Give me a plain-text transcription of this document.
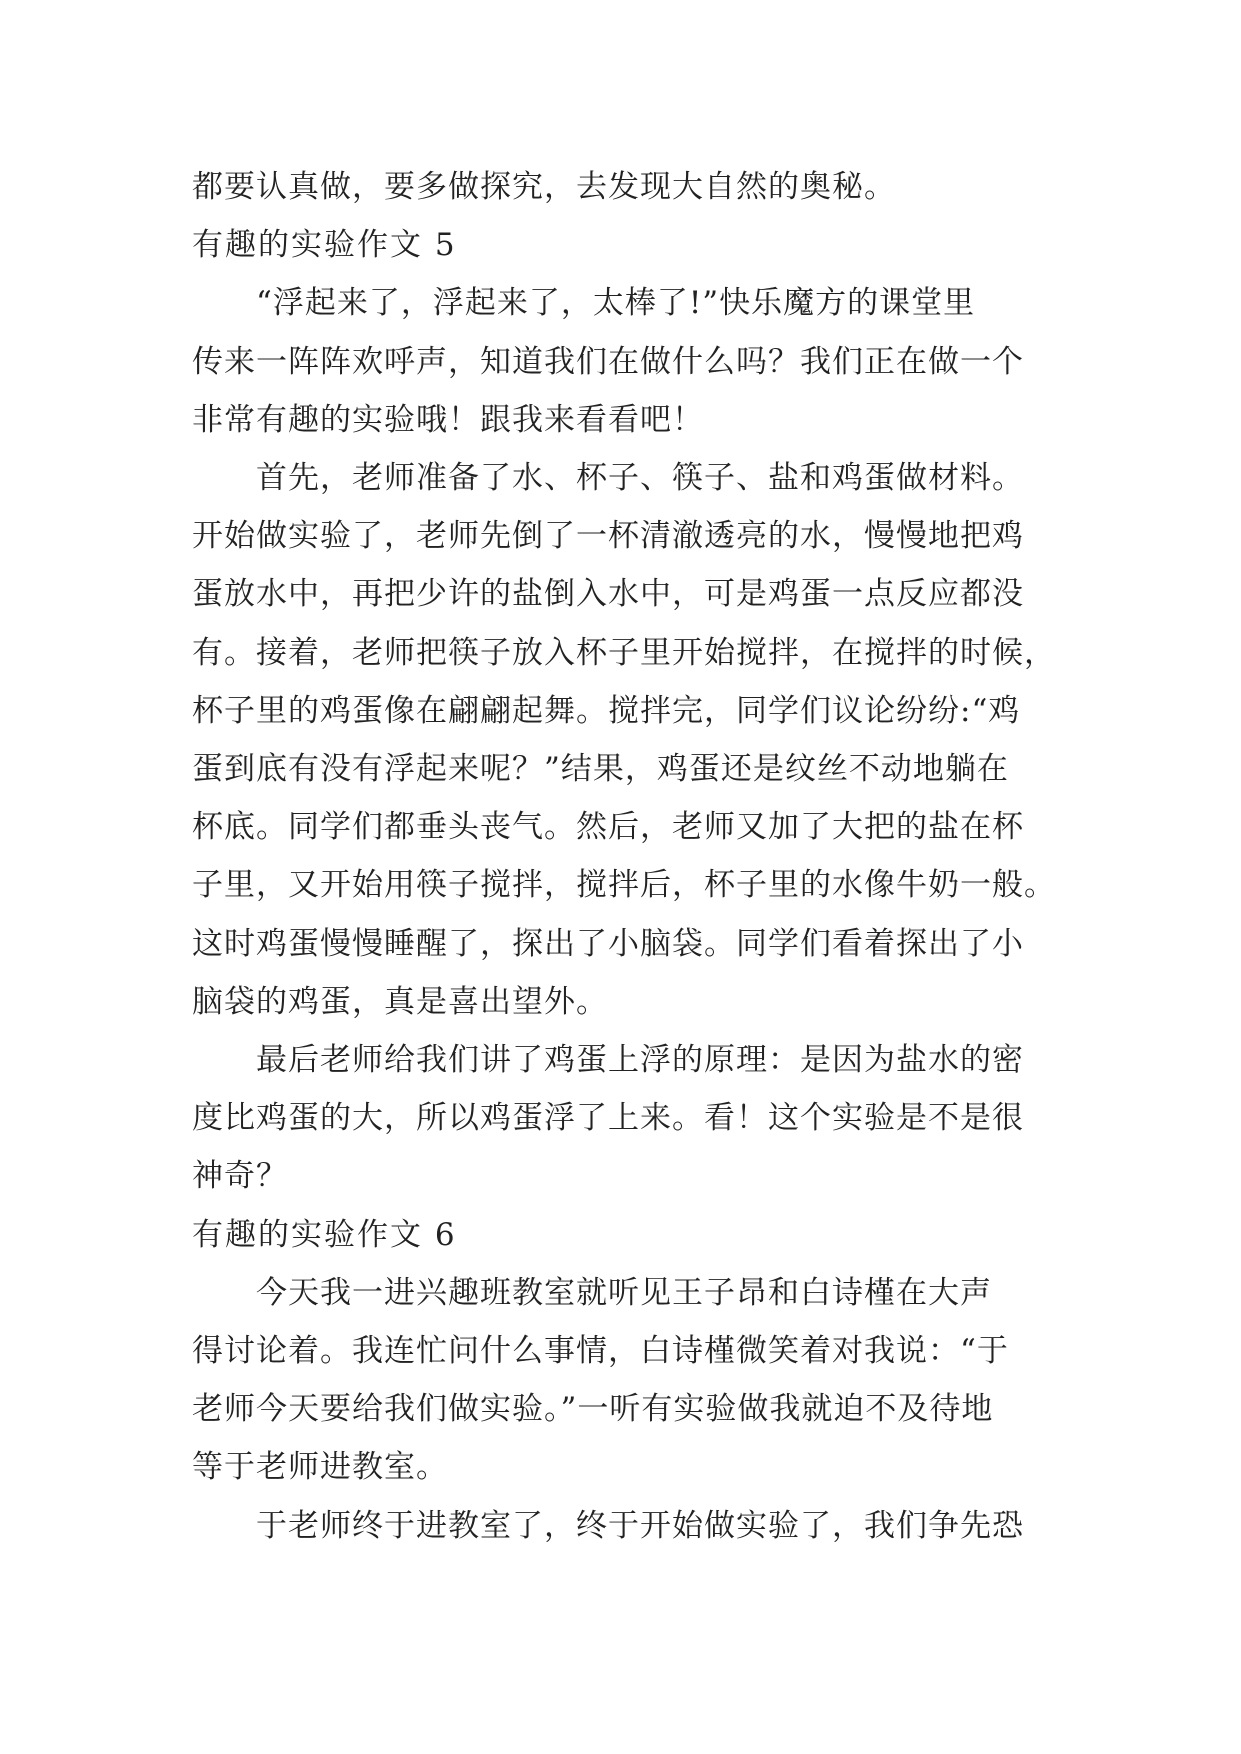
都要认真做，要多做探究，去发现大自然的奥秘。
有趣的实验作文 5
“浮起来了，浮起来了，太棒了!”快乐魔方的课堂里
传来一阵阵欢呼声，知道我们在做什么吗？我们正在做一个
非常有趣的实验哦！跟我来看看吧！
首先，老师准备了水、杯子、筷子、盐和鸡蛋做材料。
开始做实验了，老师先倒了一杯清澈透亮的水，慢慢地把鸡
蛋放水中，再把少许的盐倒入水中，可是鸡蛋一点反应都没
有。接着，老师把筷子放入杯子里开始搅拌，在搅拌的时候，
杯子里的鸡蛋像在翩翩起舞。搅拌完，同学们议论纷纷:“鸡
蛋到底有没有浮起来呢？”结果，鸡蛋还是纹丝不动地躺在
杯底。同学们都垂头丧气。然后，老师又加了大把的盐在杯
子里，又开始用筷子搅拌，搅拌后，杯子里的水像牛奶一般。
这时鸡蛋慢慢睡醒了，探出了小脑袋。同学们看着探出了小
脑袋的鸡蛋，真是喜出望外。
最后老师给我们讲了鸡蛋上浮的原理：是因为盐水的密
度比鸡蛋的大，所以鸡蛋浮了上来。看！这个实验是不是很
神奇？
有趣的实验作文 6
今天我一进兴趣班教室就听见王子昂和白诗槿在大声
得讨论着。我连忙问什么事情，白诗槿微笑着对我说：“于
老师今天要给我们做实验。”一听有实验做我就迫不及待地
等于老师进教室。
于老师终于进教室了，终于开始做实验了，我们争先恐
